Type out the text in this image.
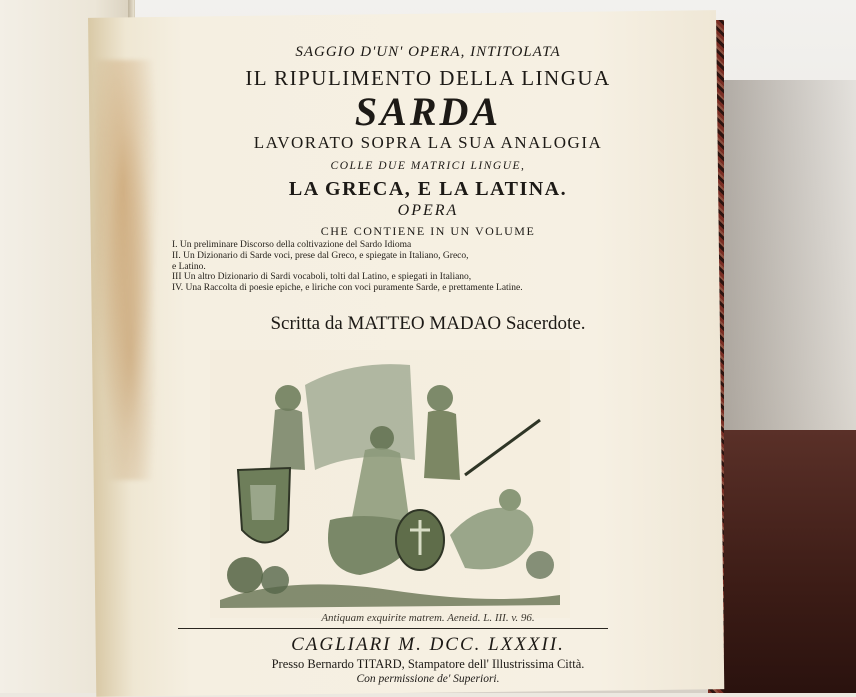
SAGGIO D'UN' OPERA, INTITOLATA
IL RIPULIMENTO DELLA LINGUA
SARDA
LAVORATO SOPRA LA SUA ANALOGIA
COLLE DUE MATRICI LINGUE,
LA GRECA, E LA LATINA.
OPERA
CHE CONTIENE IN UN VOLUME
I. Un preliminare Discorso della coltivazione del Sardo Idioma
II. Un Dizionario di Sarde voci, prese dal Greco, e spiegate in Italiano, Greco,
e Latino.
III Un altro Dizionario di Sardi vocaboli, tolti dal Latino, e spiegati in Italiano,
IV. Una Raccolta di poesie epiche, e liriche con voci puramente Sarde, e prettamente Latine.
Scritta da MATTEO MADAO Sacerdote.
Antiquam exquirite matrem. Aeneid. L. III. v. 96.
CAGLIARI M. DCC. LXXXII.
Presso Bernardo TITARD, Stampatore dell' Illustrissima Città.
Con permissione de' Superiori.
